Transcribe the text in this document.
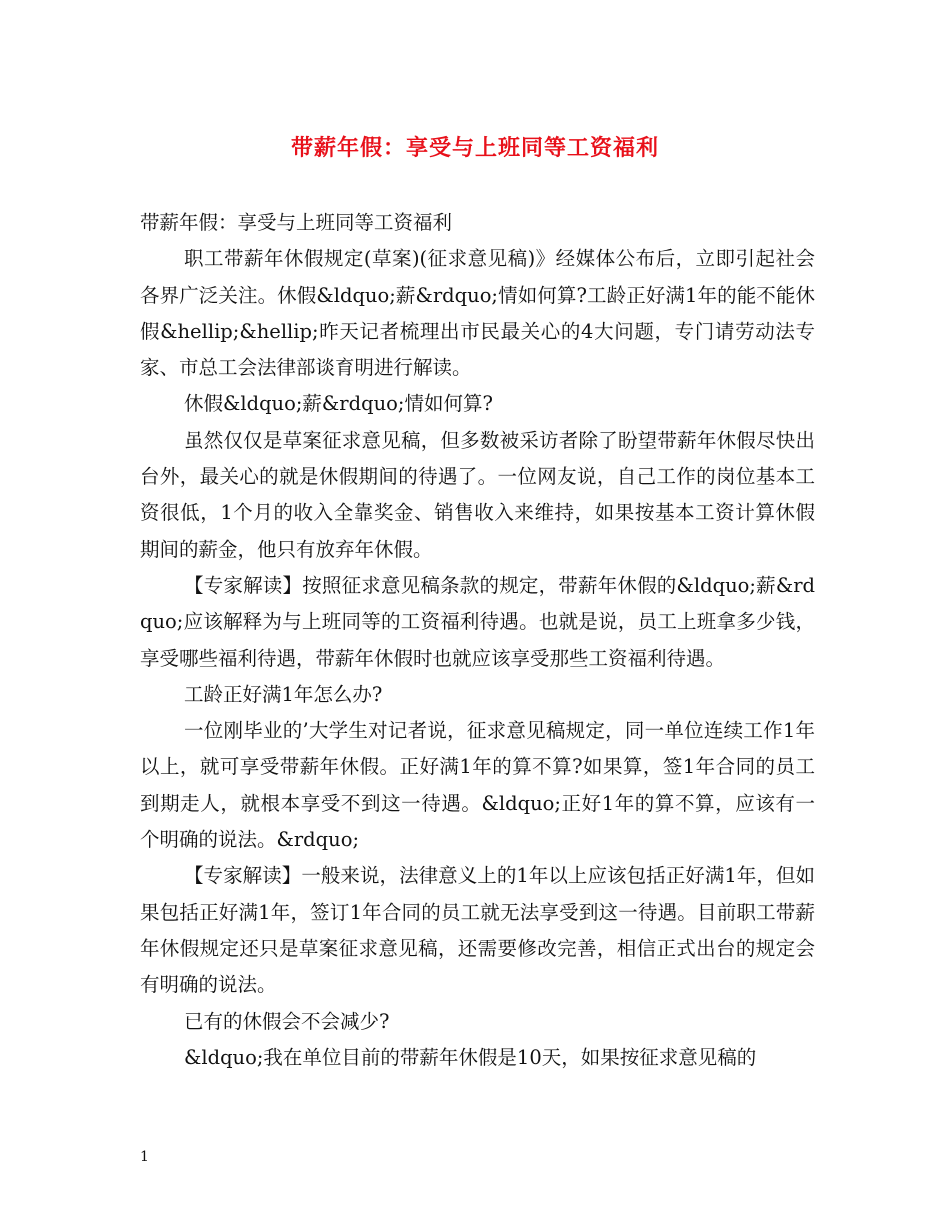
带薪年假：享受与上班同等工资福利

带薪年假：享受与上班同等工资福利

职工带薪年休假规定(草案)(征求意见稿)》经媒体公布后，立即引起社会各界广泛关注。休假&ldquo;薪&rdquo;情如何算?工龄正好满1年的能不能休假&hellip;&hellip;昨天记者梳理出市民最关心的4大问题，专门请劳动法专家、市总工会法律部谈育明进行解读。

休假&ldquo;薪&rdquo;情如何算?

虽然仅仅是草案征求意见稿，但多数被采访者除了盼望带薪年休假尽快出台外，最关心的就是休假期间的待遇了。一位网友说，自己工作的岗位基本工资很低，1个月的收入全靠奖金、销售收入来维持，如果按基本工资计算休假期间的薪金，他只有放弃年休假。

【专家解读】按照征求意见稿条款的规定，带薪年休假的&ldquo;薪&rdquo;应该解释为与上班同等的工资福利待遇。也就是说，员工上班拿多少钱，享受哪些福利待遇，带薪年休假时也就应该享受那些工资福利待遇。

工龄正好满1年怎么办?

一位刚毕业的’大学生对记者说，征求意见稿规定，同一单位连续工作1年以上，就可享受带薪年休假。正好满1年的算不算?如果算，签1年合同的员工到期走人，就根本享受不到这一待遇。&ldquo;正好1年的算不算，应该有一个明确的说法。&rdquo;

【专家解读】一般来说，法律意义上的1年以上应该包括正好满1年，但如果包括正好满1年，签订1年合同的员工就无法享受到这一待遇。目前职工带薪年休假规定还只是草案征求意见稿，还需要修改完善，相信正式出台的规定会有明确的说法。

已有的休假会不会减少?

&ldquo;我在单位目前的带薪年休假是10天，如果按征求意见稿的

1
